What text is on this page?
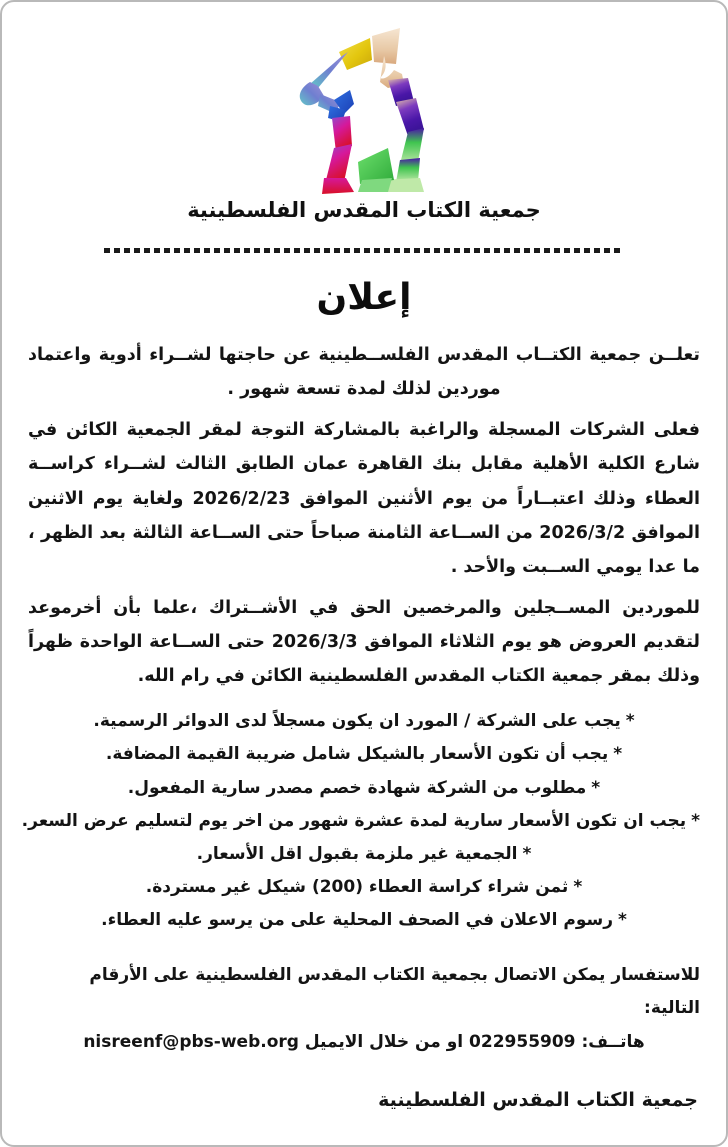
جمعية الكتاب المقدس الفلسطينية
إعلان

تعلــن جمعية الكتــاب المقدس الفلســطينية عن حاجتها لشــراء أدوية واعتماد موردين لذلك لمدة تسعة شهور .

فعلى الشركات المسجلة والراغبة بالمشاركة التوجة لمقر الجمعية الكائن في شارع الكلية الأهلية مقابل بنك القاهرة عمان الطابق الثالث لشــراء كراســة العطاء وذلك اعتبــاراً من يوم الأثنين الموافق 2026/2/23 ولغاية يوم الاثنين الموافق 2026/3/2 من الســاعة الثامنة صباحاً حتى الســاعة الثالثة بعد الظهر ، ما عدا يومي الســبت والأحد .

للموردين المســجلين والمرخصين الحق في الأشــتراك ،علما بأن أخرموعد لتقديم العروض هو يوم الثلاثاء الموافق 2026/3/3 حتى الســاعة الواحدة ظهراً وذلك بمقر جمعية الكتاب المقدس الفلسطينية الكائن في رام الله.

*يجب على الشركة / المورد ان يكون مسجلاً لدى الدوائر الرسمية.
*يجب أن تكون الأسعار بالشيكل شامل ضريبة القيمة المضافة.
*مطلوب من الشركة شهادة خصم مصدر سارية المفعول.
*يجب ان تكون الأسعار سارية لمدة عشرة شهور من اخر يوم لتسليم عرض السعر.
*الجمعية غير ملزمة بقبول اقل الأسعار.
*ثمن شراء كراسة العطاء (200) شيكل غير مستردة.
*رسوم الاعلان في الصحف المحلية على من يرسو عليه العطاء.
للاستفسار يمكن الاتصال بجمعية الكتاب المقدس الفلسطينية على الأرقام التالية:
هاتــف: 022955909 او من خلال الايميل nisreenf@pbs-web.org
جمعية الكتاب المقدس الفلسطينية
